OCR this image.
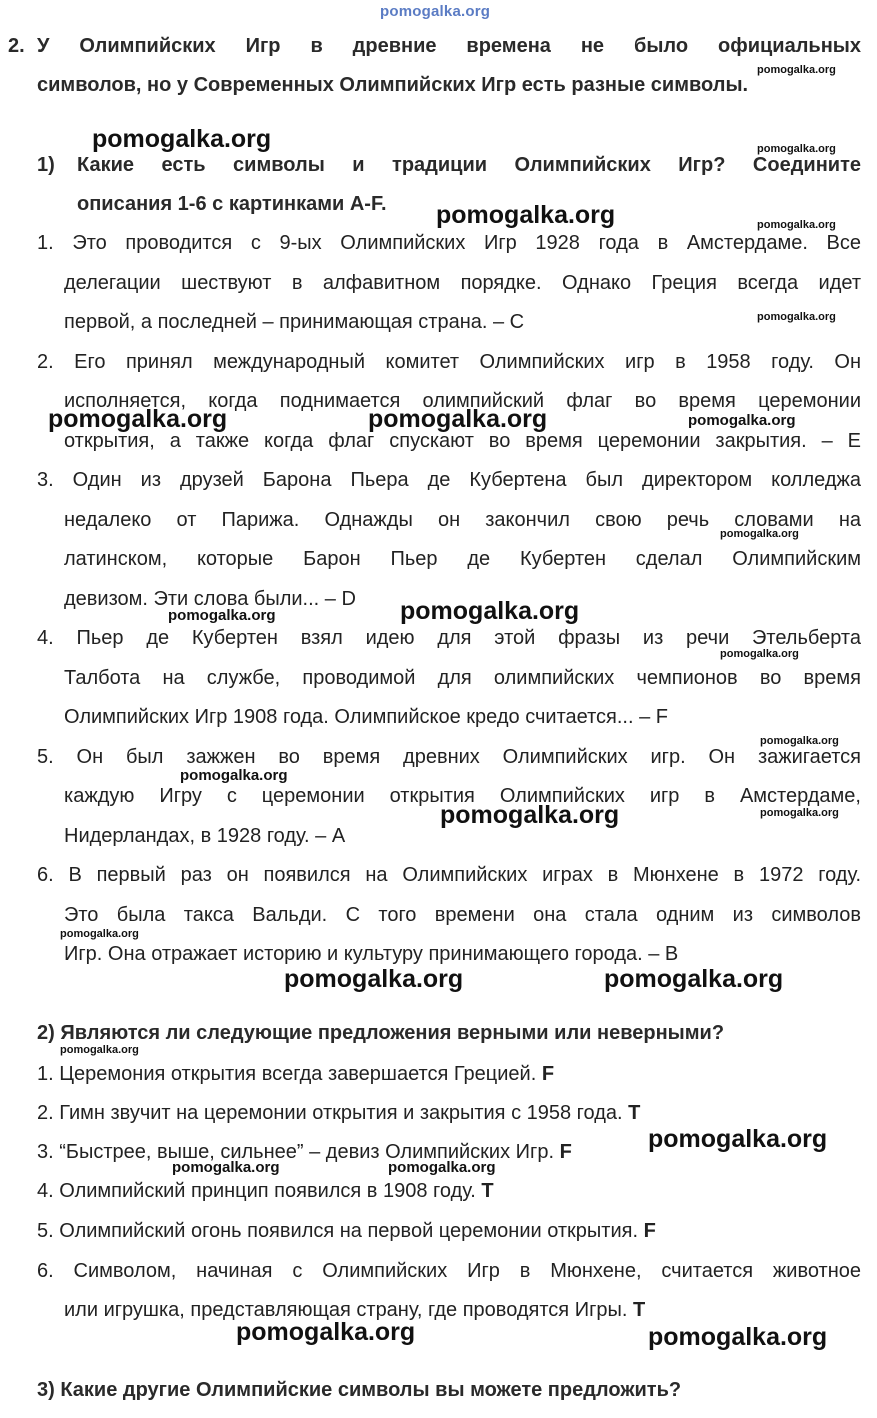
pomogalka.org
2. У Олимпийских Игр в древние времена не было официальных
символов, но у Современных Олимпийских Игр есть разные символы.
1) Какие есть символы и традиции Олимпийских Игр? Соедините
описания 1-6 с картинками A-F.
1. Это проводится с 9-ых Олимпийских Игр 1928 года в Амстердаме. Все
делегации шествуют в алфавитном порядке. Однако Греция всегда идет
первой, а последней – принимающая страна. – C
2. Его принял международный комитет Олимпийских игр в 1958 году. Он
исполняется, когда поднимается олимпийский флаг во время церемонии
открытия, а также когда флаг спускают во время церемонии закрытия. – E
3. Один из друзей Барона Пьера де Кубертена был директором колледжа
недалеко от Парижа. Однажды он закончил свою речь словами на
латинском, которые Барон Пьер де Кубертен сделал Олимпийским
девизом. Эти слова были... – D
4. Пьер де Кубертен взял идею для этой фразы из речи Этельберта
Талбота на службе, проводимой для олимпийских чемпионов во время
Олимпийских Игр 1908 года. Олимпийское кредо считается... – F
5. Он был зажжен во время древних Олимпийских игр. Он зажигается
каждую Игру с церемонии открытия Олимпийских игр в Амстердаме,
Нидерландах, в 1928 году. – A
6. В первый раз он появился на Олимпийских играх в Мюнхене в 1972 году.
Это была такса Вальди. С того времени она стала одним из символов
Игр. Она отражает историю и культуру принимающего города. – B
2) Являются ли следующие предложения верными или неверными?
1. Церемония открытия всегда завершается Грецией. F
2. Гимн звучит на церемонии открытия и закрытия с 1958 года. T
3. “Быстрее, выше, сильнее” – девиз Олимпийских Игр. F
4. Олимпийский принцип появился в 1908 году. T
5. Олимпийский огонь появился на первой церемонии открытия. F
6. Символом, начиная с Олимпийских Игр в Мюнхене, считается животное
или игрушка, представляющая страну, где проводятся Игры. T
3) Какие другие Олимпийские символы вы можете предложить?
pomogalka.org
pomogalka.org
pomogalka.org	pomogalka.org
pomogalka.org
pomogalka.org
pomogalka.org	pomogalka.org
pomogalka.org
pomogalka.org	pomogalka.org
pomogalka.org
pomogalka.org
pomogalka.org
pomogalka.org	pomogalka.org
pomogalka.org
pomogalka.org
pomogalka.org
pomogalka.org
pomogalka.org
pomogalka.org
pomogalka.org
pomogalka.org
pomogalka.org
pomogalka.org
